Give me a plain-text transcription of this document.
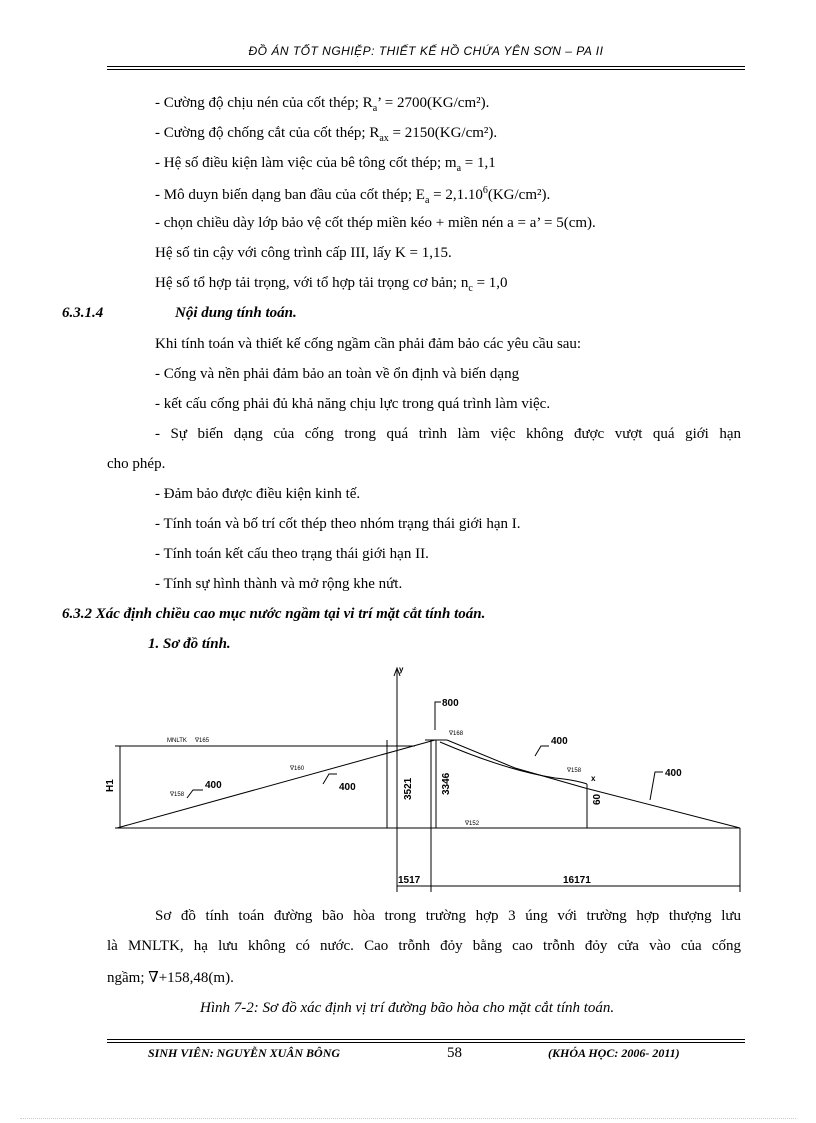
ĐỒ ÁN TỐT NGHIỆP: THIẾT KẾ HỒ CHỨA YÊN SƠN – PA II
- Cường độ chịu nén của cốt thép; $R_a$’ = 2700(KG/cm²).
- Cường độ chống cắt của cốt thép; $R_{ax} = 2150(KG/cm^2)$.
- Hệ số điều kiện làm việc của bê tông cốt thép; $m_a = 1,1$
- Mô duyn biến dạng ban đầu của cốt thép; $E_a = 2,1.10^6(KG/cm^2)$.
- chọn chiều dày lớp bảo vệ cốt thép miền kéo + miền nén a = a’ = 5(cm).
Hệ số tin cậy với công trình cấp III, lấy K = 1,15.
Hệ số tổ hợp tải trọng, với tổ hợp tải trọng cơ bản; $n_c = 1,0$
6.3.1.4	Nội dung tính toán.
Khi tính toán và thiết kế cống ngầm cần phải đảm bảo các yêu cầu sau:
- Cống và nền phải đảm bảo an toàn về ổn định và biến dạng
- kết cấu cống phải đủ khả năng chịu lực trong quá trình làm việc.
- Sự biến dạng của cống trong quá trình làm việc không được vượt quá giới hạn
cho phép.
- Đảm bảo được điều kiện kinh tế.
- Tính toán và bố trí cốt thép theo nhóm trạng thái giới hạn I.
- Tính toán kết cấu theo trạng thái giới hạn II.
- Tính sự hình thành và mở rộng khe nứt.
6.3.2 Xác định chiều cao mục nước ngầm tại vi trí mặt cắt tính toán.
1. Sơ đồ tính.
H1
y
x
400	400
800
400
400
3521	3346
60
1517	16171
MNLTK ∇165
∇168
∇152
∇158
∇160	∇158
Sơ đồ tính toán đường bão hòa trong trường hợp 3 úng với trường hợp thượng lưu
là MNLTK, hạ lưu không có nước. Cao trỗnh đỏy bằng cao trỗnh đỏy cửa vào của cống
ngầm; ∇+158,48(m).
Hình 7-2: Sơ đồ xác định vị trí đường bão hòa cho mặt cắt tính toán.
SINH VIÊN: NGUYỄN XUÂN BÔNG	58	(KHÓA HỌC: 2006- 2011)
